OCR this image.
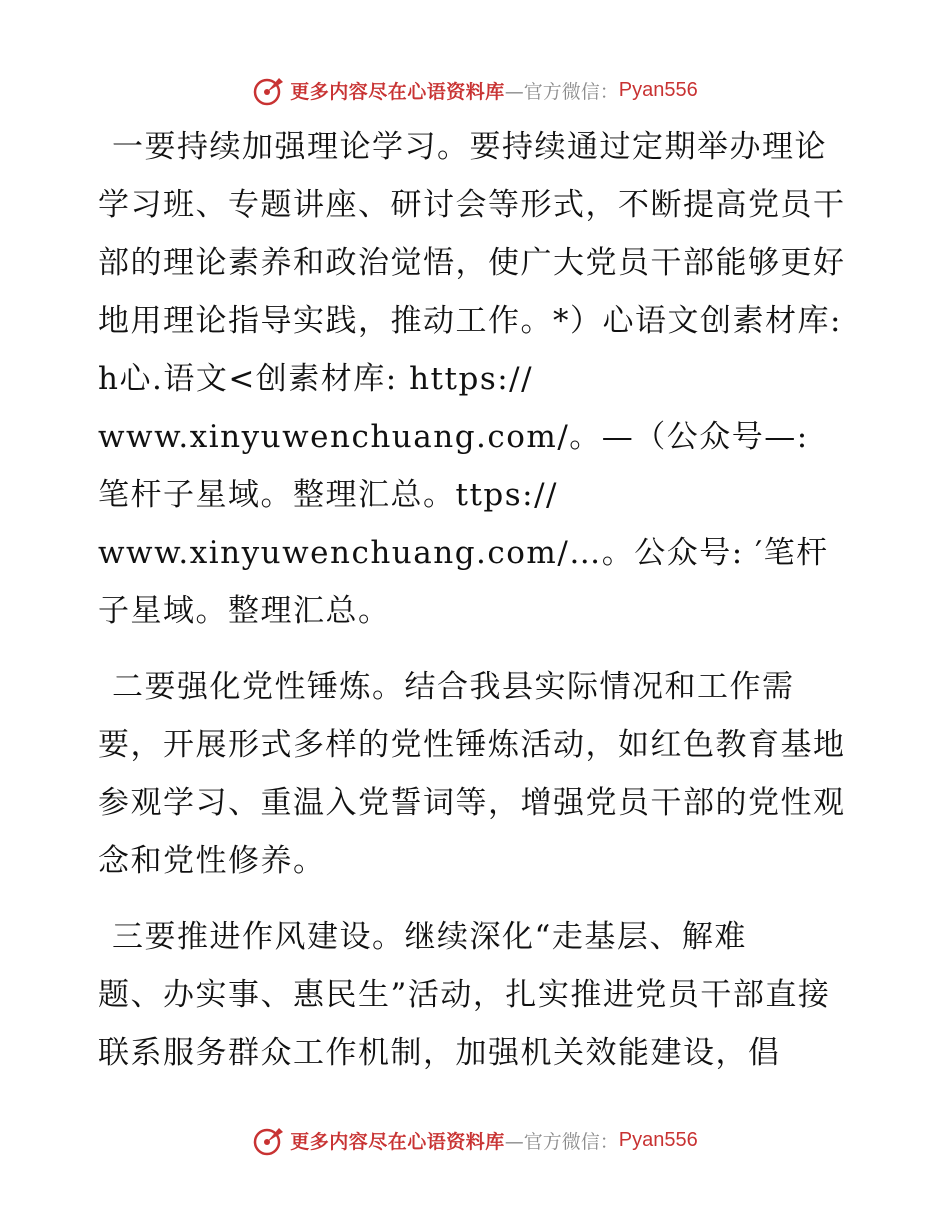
更多内容尽在心语资料库 —官方微信： Pyan556

一要持续加强理论学习。要持续通过定期举办理论学习班、专题讲座、研讨会等形式，不断提高党员干部的理论素养和政治觉悟，使广大党员干部能够更好地用理论指导实践，推动工作。*）心语文创素材库: h心.语文<创素材库: https://
www.xinyuwenchuang.com/。—（公众号—: 笔杆子星域。整理汇总。ttps://
www.xinyuwenchuang.com/…。公众号: ′笔杆子星域。整理汇总。

二要强化党性锤炼。结合我县实际情况和工作需要，开展形式多样的党性锤炼活动，如红色教育基地参观学习、重温入党誓词等，增强党员干部的党性观念和党性修养。

三要推进作风建设。继续深化“走基层、解难
题、办实事、惠民生”活动，扎实推进党员干部直接联系服务群众工作机制，加强机关效能建设，倡

更多内容尽在心语资料库 —官方微信： Pyan556
